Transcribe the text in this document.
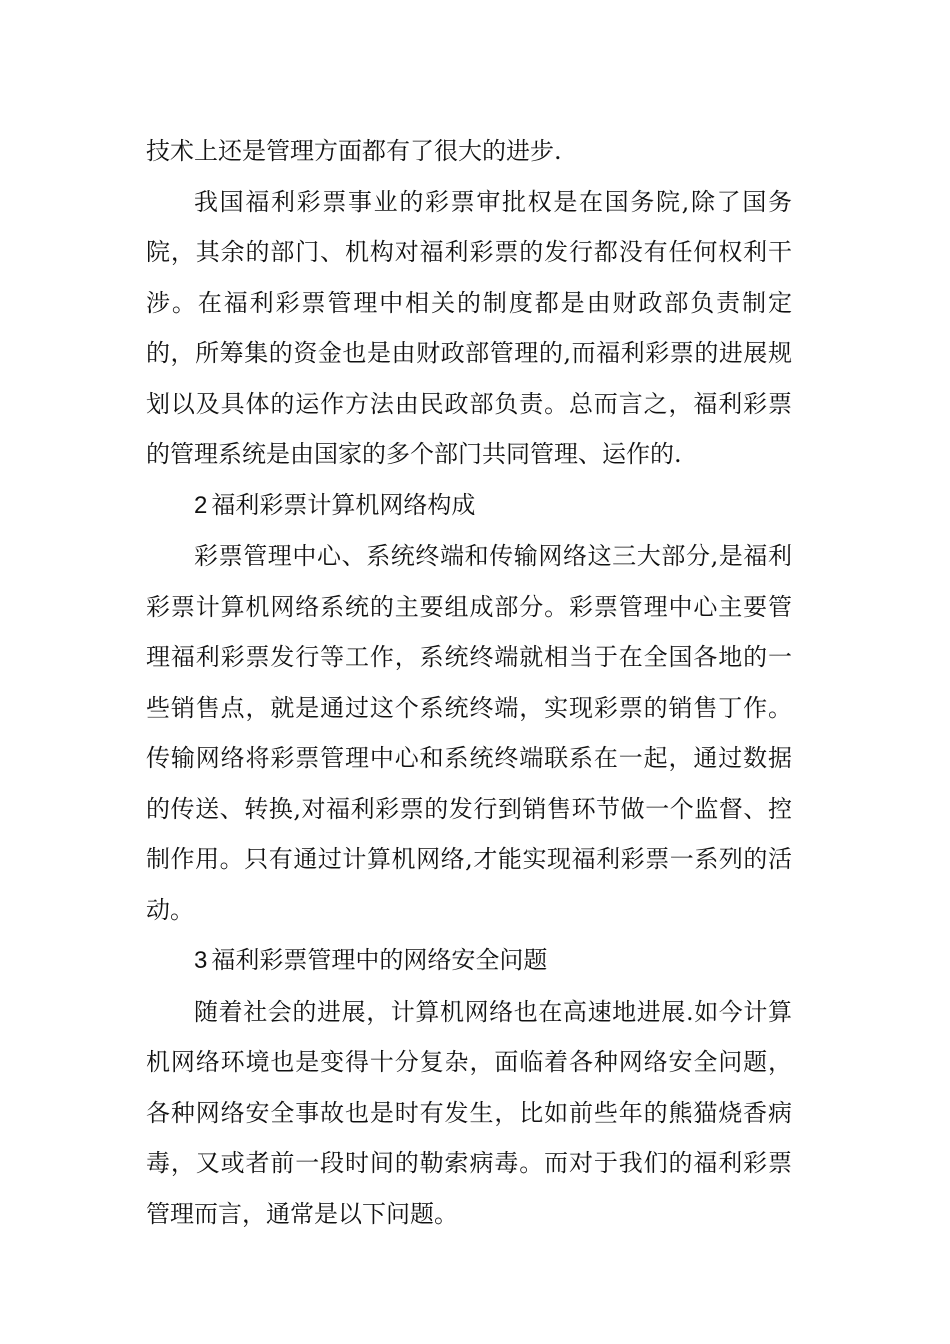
技术上还是管理方面都有了很大的进步.

我国福利彩票事业的彩票审批权是在国务院,除了国务院，其余的部门、机构对福利彩票的发行都没有任何权利干涉。在福利彩票管理中相关的制度都是由财政部负责制定的，所筹集的资金也是由财政部管理的,而福利彩票的进展规划以及具体的运作方法由民政部负责。总而言之，福利彩票的管理系统是由国家的多个部门共同管理、运作的.

2 福利彩票计算机网络构成

彩票管理中心、系统终端和传输网络这三大部分,是福利彩票计算机网络系统的主要组成部分。彩票管理中心主要管理福利彩票发行等工作，系统终端就相当于在全国各地的一些销售点，就是通过这个系统终端，实现彩票的销售丁作。传输网络将彩票管理中心和系统终端联系在一起，通过数据的传送、转换,对福利彩票的发行到销售环节做一个监督、控制作用。只有通过计算机网络,才能实现福利彩票一系列的活动。

3 福利彩票管理中的网络安全问题

随着社会的进展，计算机网络也在高速地进展.如今计算机网络环境也是变得十分复杂，面临着各种网络安全问题，各种网络安全事故也是时有发生，比如前些年的熊猫烧香病毒，又或者前一段时间的勒索病毒。而对于我们的福利彩票管理而言，通常是以下问题。
